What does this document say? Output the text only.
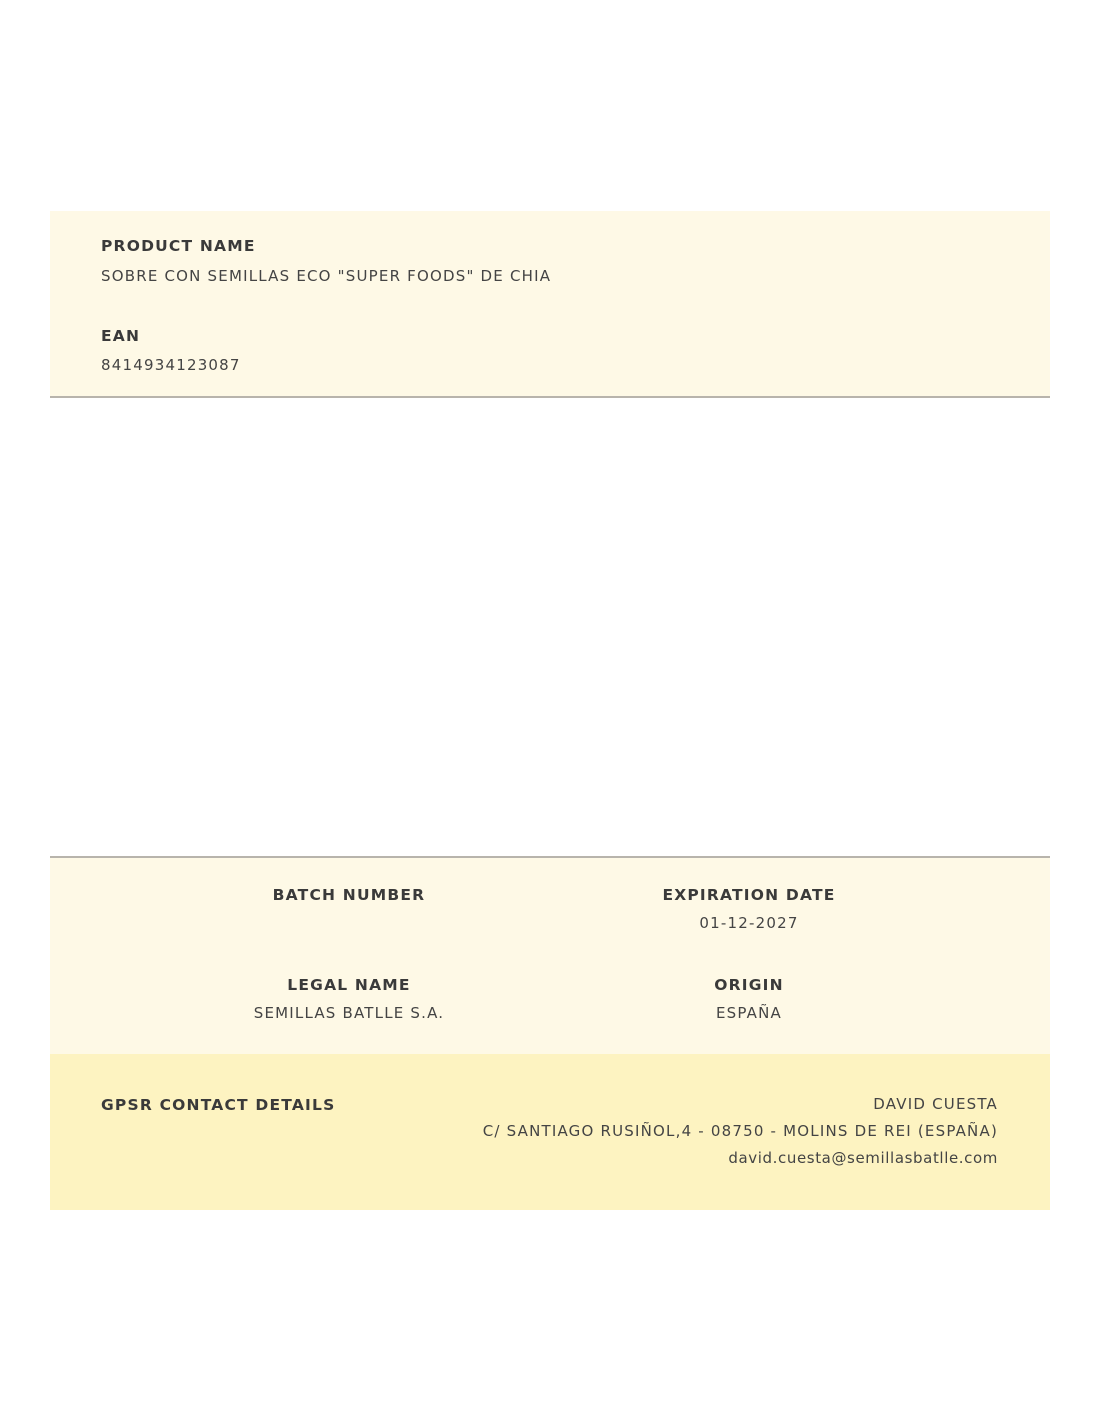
PRODUCT NAME
SOBRE CON SEMILLAS ECO "SUPER FOODS" DE CHIA
EAN
8414934123087
BATCH NUMBER	EXPIRATION DATE
01-12-2027
LEGAL NAME
SEMILLAS BATLLE S.A.
ORIGIN
ESPAÑA
GPSR CONTACT DETAILS	DAVID CUESTA
C/ SANTIAGO RUSIÑOL,4 - 08750 - MOLINS DE REI (ESPAÑA)
david.cuesta@semillasbatlle.com
